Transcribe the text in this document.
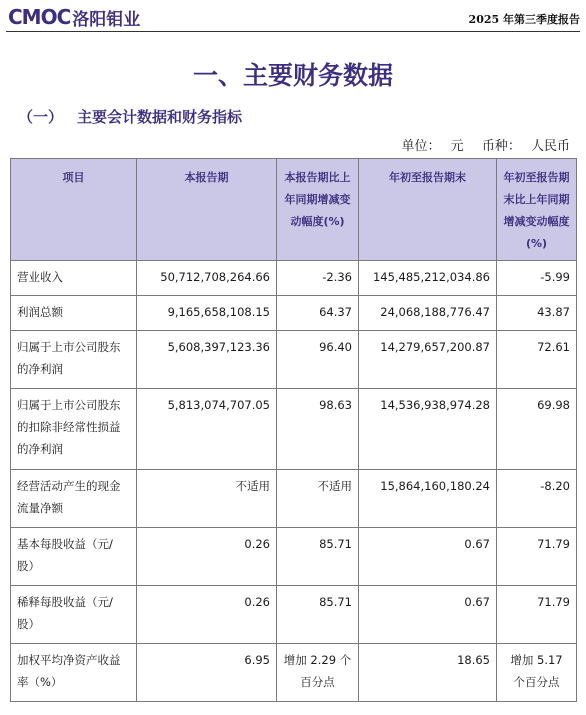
CMOC 洛阳钼业	2025 年第三季度报告
一、主要财务数据
（一） 主要会计数据和财务指标
单位： 元 币种： 人民币
项目	本报告期	本报告期比上年同期增减变动幅度(%)	年初至报告期末	年初至报告期末比上年同期增减变动幅度(%)
营业收入	50,712,708,264.66	-2.36	145,485,212,034.86	-5.99
利润总额	9,165,658,108.15	64.37	24,068,188,776.47	43.87
归属于上市公司股东的净利润	5,608,397,123.36	96.40	14,279,657,200.87	72.61
归属于上市公司股东的扣除非经常性损益的净利润	5,813,074,707.05	98.63	14,536,938,974.28	69.98
经营活动产生的现金流量净额	不适用	不适用	15,864,160,180.24	-8.20
基本每股收益（元/股）	0.26	85.71	0.67	71.79
稀释每股收益（元/股）	0.26	85.71	0.67	71.79
加权平均净资产收益率（%）	6.95	增加 2.29 个百分点	18.65	增加 5.17 个百分点
